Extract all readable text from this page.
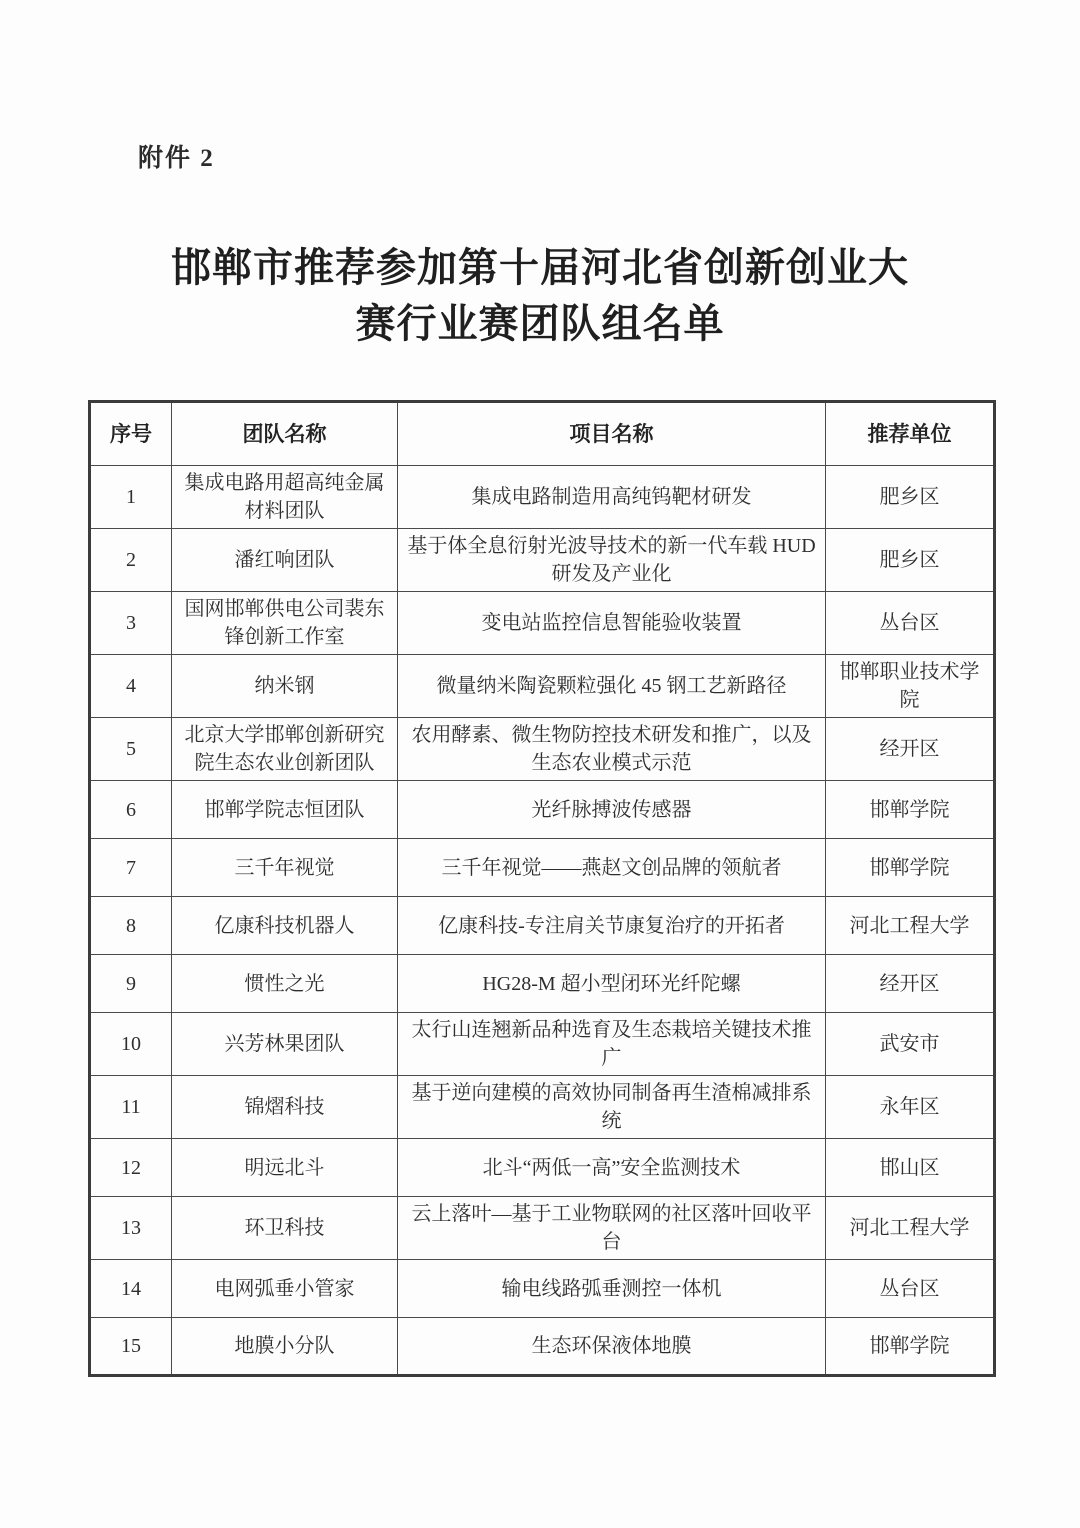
附件 2
邯郸市推荐参加第十届河北省创新创业大
赛行业赛团队组名单
序号	团队名称	项目名称	推荐单位
1	集成电路用超高纯金属材料团队	集成电路制造用高纯钨靶材研发	肥乡区
2	潘红响团队	基于体全息衍射光波导技术的新一代车载 HUD 研发及产业化	肥乡区
3	国网邯郸供电公司裴东锋创新工作室	变电站监控信息智能验收装置	丛台区
4	纳米钢	微量纳米陶瓷颗粒强化 45 钢工艺新路径	邯郸职业技术学院
5	北京大学邯郸创新研究院生态农业创新团队	农用酵素、微生物防控技术研发和推广，以及生态农业模式示范	经开区
6	邯郸学院志恒团队	光纤脉搏波传感器	邯郸学院
7	三千年视觉	三千年视觉——燕赵文创品牌的领航者	邯郸学院
8	亿康科技机器人	亿康科技-专注肩关节康复治疗的开拓者	河北工程大学
9	惯性之光	HG28-M 超小型闭环光纤陀螺	经开区
10	兴芳林果团队	太行山连翘新品种选育及生态栽培关键技术推广	武安市
11	锦熠科技	基于逆向建模的高效协同制备再生渣棉减排系统	永年区
12	明远北斗	北斗“两低一高”安全监测技术	邯山区
13	环卫科技	云上落叶—基于工业物联网的社区落叶回收平台	河北工程大学
14	电网弧垂小管家	输电线路弧垂测控一体机	丛台区
15	地膜小分队	生态环保液体地膜	邯郸学院
